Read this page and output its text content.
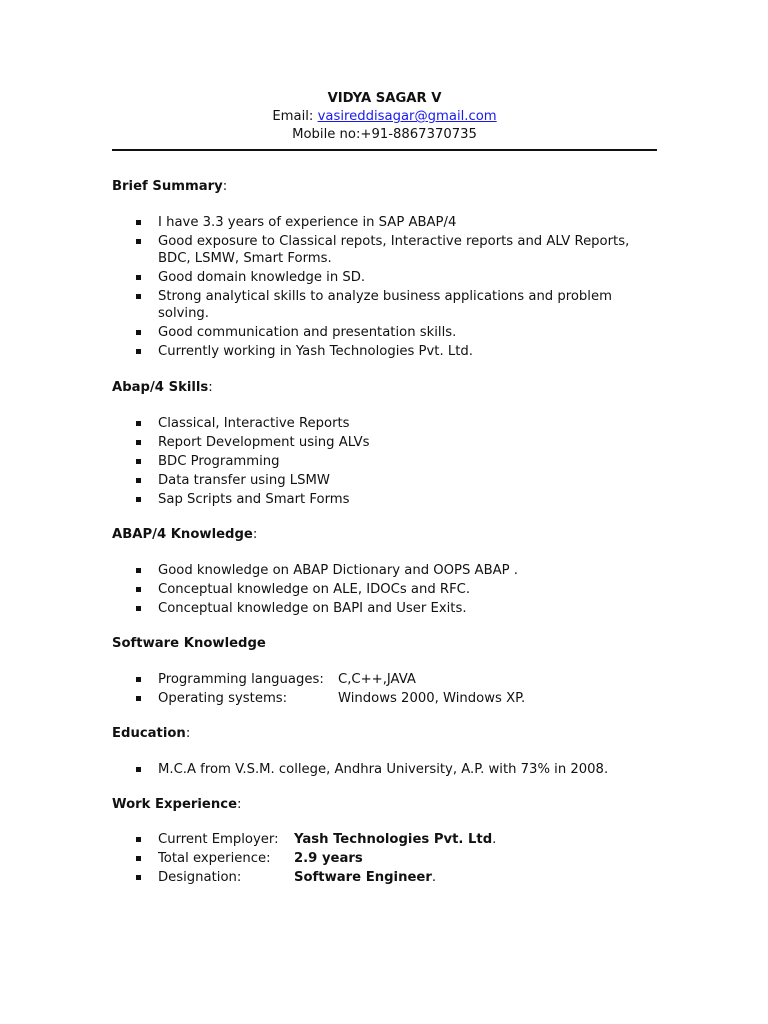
VIDYA SAGAR V
Email: vasireddisagar@gmail.com
Mobile no:+91-8867370735
Brief Summary:
I have 3.3 years of experience in SAP ABAP/4
Good exposure to Classical repots, Interactive reports and ALV Reports,
BDC, LSMW, Smart Forms.
Good domain knowledge in SD.
Strong analytical skills to analyze business applications and problem
solving.
Good communication and presentation skills.
Currently working in Yash Technologies Pvt. Ltd.
Abap/4 Skills:
Classical, Interactive Reports
Report Development using ALVs
BDC Programming
Data transfer using LSMW
Sap Scripts and Smart Forms
ABAP/4 Knowledge:
Good knowledge on ABAP Dictionary and OOPS ABAP .
Conceptual knowledge on ALE, IDOCs and RFC.
Conceptual knowledge on BAPI and User Exits.
Software Knowledge
Programming languages: C,C++,JAVA
Operating systems:	Windows 2000, Windows XP.
Education:
M.C.A from V.S.M. college, Andhra University, A.P. with 73% in 2008.
Work Experience:
Current Employer: Yash Technologies Pvt. Ltd.
Total experience: 2.9 years
Designation:	Software Engineer.
